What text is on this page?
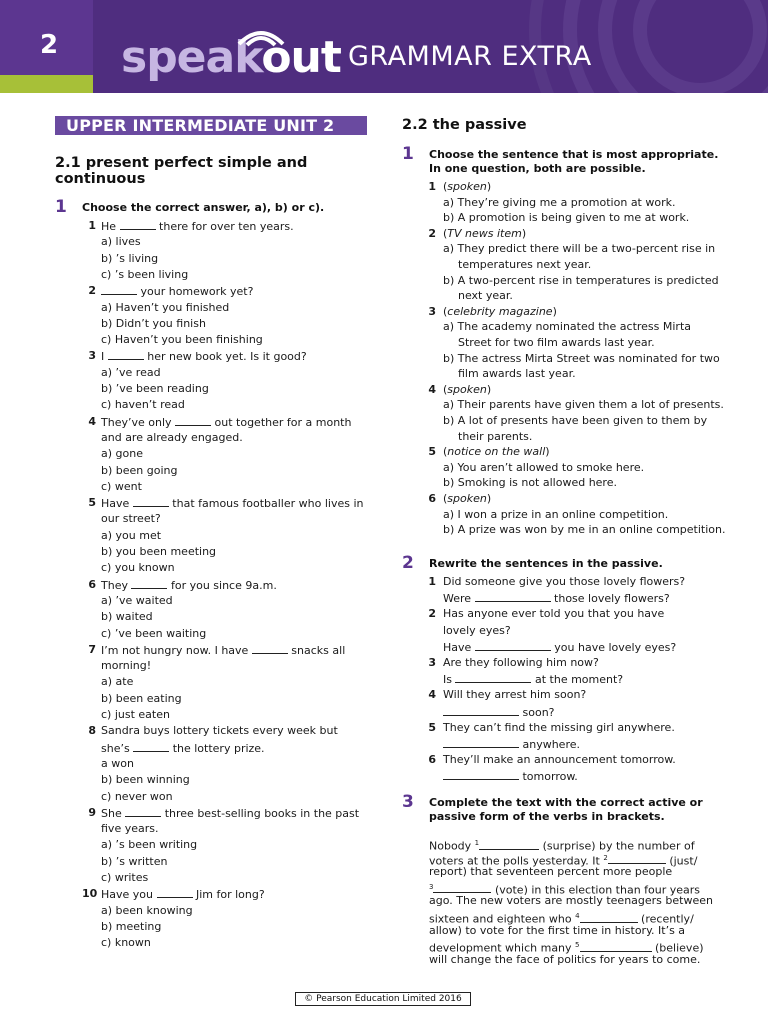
2	speakout GRAMMAR EXTRA
UPPER INTERMEDIATE UNIT 2
2.1 present perfect simple and
continuous
1 Choose the correct answer, a), b) or c).
1 He	there for over ten years.
a) lives
b) ’s living
c) ’s been living
2	your homework yet?
a) Haven’t you finished
b) Didn’t you finish
c) Haven’t you been finishing
3 I	her new book yet. Is it good?
a) ’ve read
b) ’ve been reading
c) haven’t read
4 They’ve only	out together for a month
and are already engaged.
a) gone
b) been going
c) went
5 Have	that famous footballer who lives in
our street?
a) you met
b) you been meeting
c) you known
6 They	for you since 9a.m.
a) ’ve waited
b) waited
c) ’ve been waiting
7 I’m not hungry now. I have	snacks all
morning!
a) ate
b) been eating
c) just eaten
8 Sandra buys lottery tickets every week but
she’s	the lottery prize.
a won
b) been winning
c) never won
9 She	three best-selling books in the past
five years.
a) ’s been writing
b) ’s written
c) writes
10 Have you	Jim for long?
a) been knowing
b) meeting
c) known
2.2 the passive
1 Choose the sentence that is most appropriate.
In one question, both are possible.
1 (spoken)
a) They’re giving me a promotion at work.
b) A promotion is being given to me at work.
2 (TV news item)
a) They predict there will be a two-percent rise in
temperatures next year.
b) A two-percent rise in temperatures is predicted
next year.
3 (celebrity magazine)
a) The academy nominated the actress Mirta
Street for two film awards last year.
b) The actress Mirta Street was nominated for two
film awards last year.
4 (spoken)
a) Their parents have given them a lot of presents.
b) A lot of presents have been given to them by
their parents.
5 (notice on the wall)
a) You aren’t allowed to smoke here.
b) Smoking is not allowed here.
6 (spoken)
a) I won a prize in an online competition.
b) A prize was won by me in an online competition.
2 Rewrite the sentences in the passive.
1 Did someone give you those lovely flowers?
Were	those lovely flowers?
2 Has anyone ever told you that you have
lovely eyes?
Have	you have lovely eyes?
3 Are they following him now?
Is	at the moment?
4 Will they arrest him soon?
soon?
5 They can’t find the missing girl anywhere.
anywhere.
6 They’ll make an announcement tomorrow.
tomorrow.
3 Complete the text with the correct active or
passive form of the verbs in brackets.
Nobody $^1$	(surprise) by the number of
voters at the polls yesterday. It $^2$	(just/
report) that seventeen percent more people
$^3$	(vote) in this election than four years
ago. The new voters are mostly teenagers between
sixteen and eighteen who $^4$	(recently/
allow) to vote for the first time in history. It’s a
development which many $^5$	(believe)
will change the face of politics for years to come.
© Pearson Education Limited 2016
